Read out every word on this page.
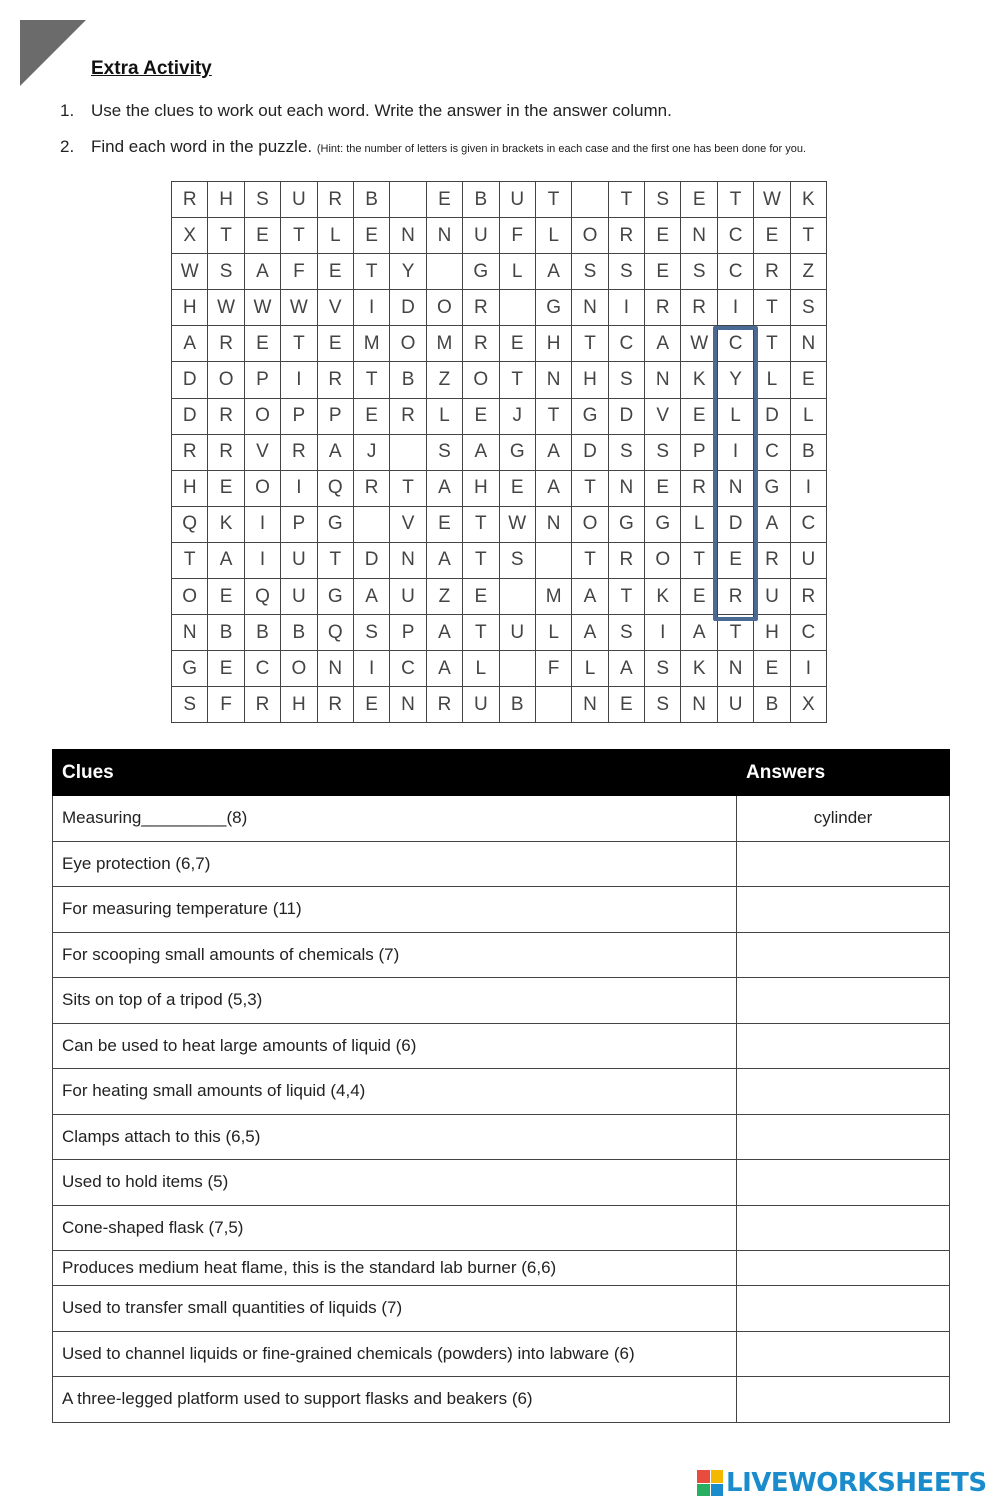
Extra Activity
1. Use the clues to work out each word. Write the answer in the answer column.
2. Find each word in the puzzle. (Hint: the number of letters is given in brackets in each case and the first one has been done for you.
R	H	S	U	R	B		E	B	U	T		T	S	E	T	W	K
X	T	E	T	L	E	N	N	U	F	L	O	R	E	N	C	E	T
W	S	A	F	E	T	Y		G	L	A	S	S	E	S	C	R	Z
H	W	W	W	V	I	D	O	R		G	N	I	R	R	I	T	S
A	R	E	T	E	M	O	M	R	E	H	T	C	A	W	C	T	N
D	O	P	I	R	T	B	Z	O	T	N	H	S	N	K	Y	L	E
D	R	O	P	P	E	R	L	E	J	T	G	D	V	E	L	D	L
R	R	V	R	A	J		S	A	G	A	D	S	S	P	I	C	B
H	E	O	I	Q	R	T	A	H	E	A	T	N	E	R	N	G	I
Q	K	I	P	G		V	E	T	W	N	O	G	G	L	D	A	C
T	A	I	U	T	D	N	A	T	S		T	R	O	T	E	R	U
O	E	Q	U	G	A	U	Z	E		M	A	T	K	E	R	U	R
N	B	B	B	Q	S	P	A	T	U	L	A	S	I	A	T	H	C
G	E	C	O	N	I	C	A	L		F	L	A	S	K	N	E	I
S	F	R	H	R	E	N	R	U	B		N	E	S	N	U	B	X
Clues	Answers
Measuring_________(8)	cylinder
Eye protection (6,7)	
For measuring temperature (11)	
For scooping small amounts of chemicals (7)	
Sits on top of a tripod (5,3)	
Can be used to heat large amounts of liquid (6)	
For heating small amounts of liquid (4,4)	
Clamps attach to this (6,5)	
Used to hold items (5)	
Cone-shaped flask (7,5)	
Produces medium heat flame, this is the standard lab burner (6,6)	
Used to transfer small quantities of liquids (7)	
Used to channel liquids or fine-grained chemicals (powders) into labware (6)	
A three-legged platform used to support flasks and beakers (6)	
LIVEWORKSHEETS
